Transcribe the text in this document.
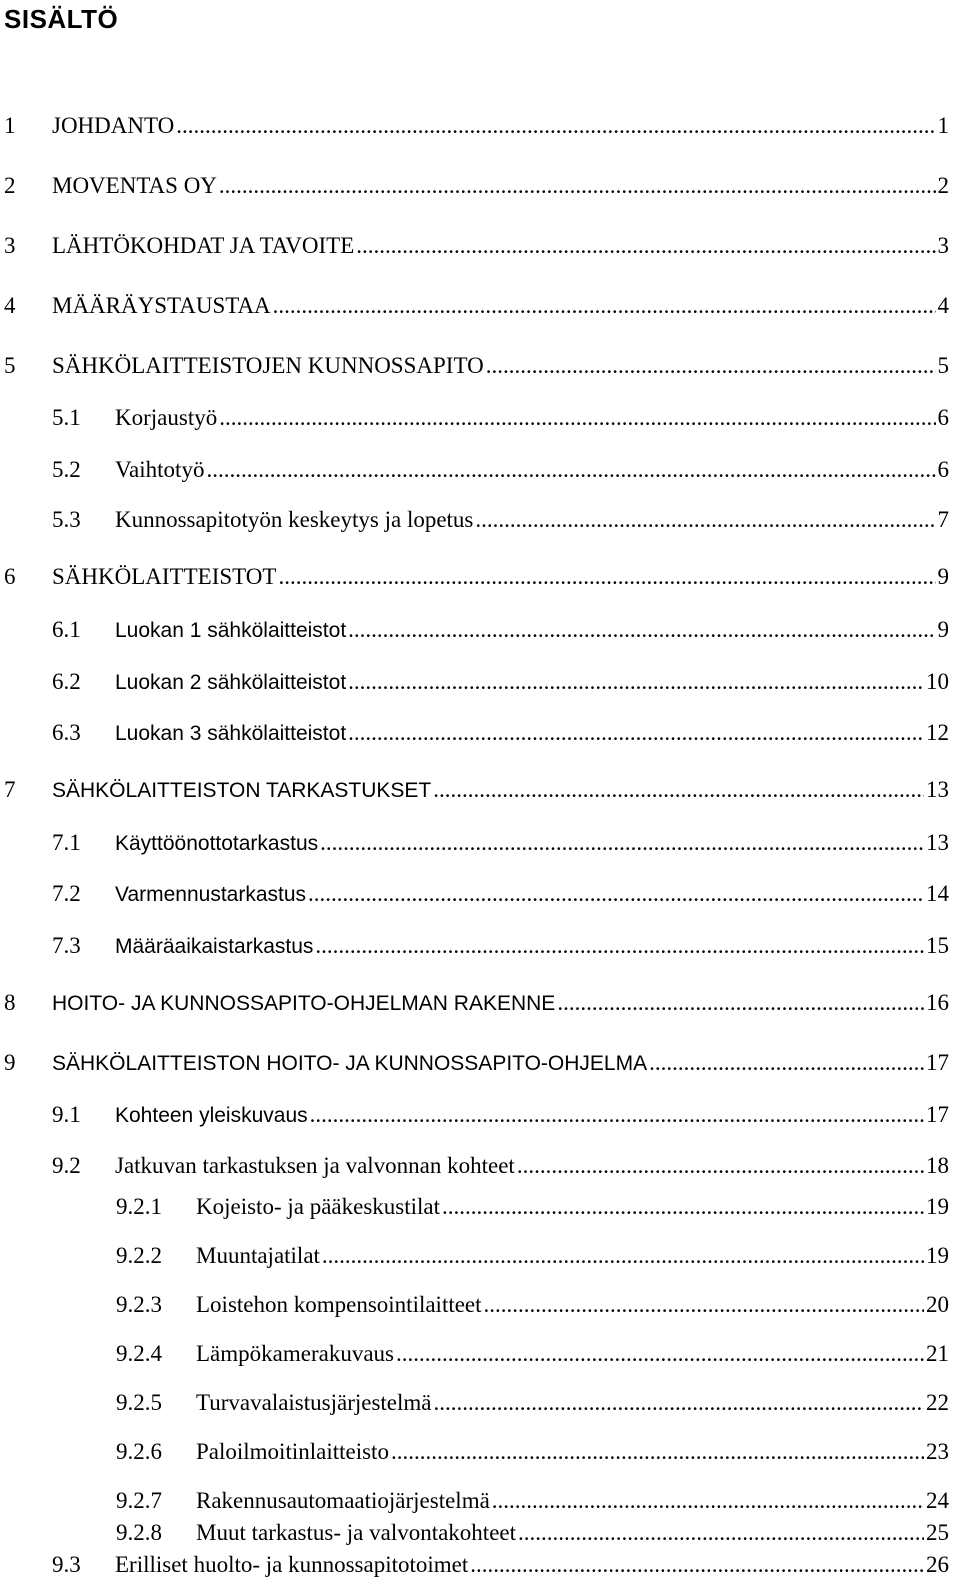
SISÄLTÖ
1	JOHDANTO .....	1
2	MOVENTAS OY .....	2
3	LÄHTÖKOHDAT JA TAVOITE .....	3
4	MÄÄRÄYSTAUSTAA .....	4
5	SÄHKÖLAITTEISTOJEN KUNNOSSAPITO .....	5
5.1	Korjaustyö .....	6
5.2	Vaihtotyö .....	6
5.3	Kunnossapitotyön keskeytys ja lopetus .....	7
6	SÄHKÖLAITTEISTOT .....	9
6.1	Luokan 1 sähkölaitteistot .....	9
6.2	Luokan 2 sähkölaitteistot .....	10
6.3	Luokan 3 sähkölaitteistot .....	12
7	SÄHKÖLAITTEISTON TARKASTUKSET .....	13
7.1	Käyttöönottotarkastus .....	13
7.2	Varmennustarkastus .....	14
7.3	Määräaikaistarkastus .....	15
8	HOITO- JA KUNNOSSAPITO-OHJELMAN RAKENNE .....	16
9	SÄHKÖLAITTEISTON HOITO- JA KUNNOSSAPITO-OHJELMA .....	17
9.1	Kohteen yleiskuvaus .....	17
9.2	Jatkuvan tarkastuksen ja valvonnan kohteet .....	18
9.2.1	Kojeisto- ja pääkeskustilat .....	19
9.2.2	Muuntajatilat .....	19
9.2.3	Loistehon kompensointilaitteet .....	20
9.2.4	Lämpökamerakuvaus .....	21
9.2.5	Turvavalaistusjärjestelmä .....	22
9.2.6	Paloilmoitinlaitteisto .....	23
9.2.7	Rakennusautomaatiojärjestelmä .....	24
9.2.8	Muut tarkastus- ja valvontakohteet .....	25
9.3	Erilliset huolto- ja kunnossapitotoimet .....	26
